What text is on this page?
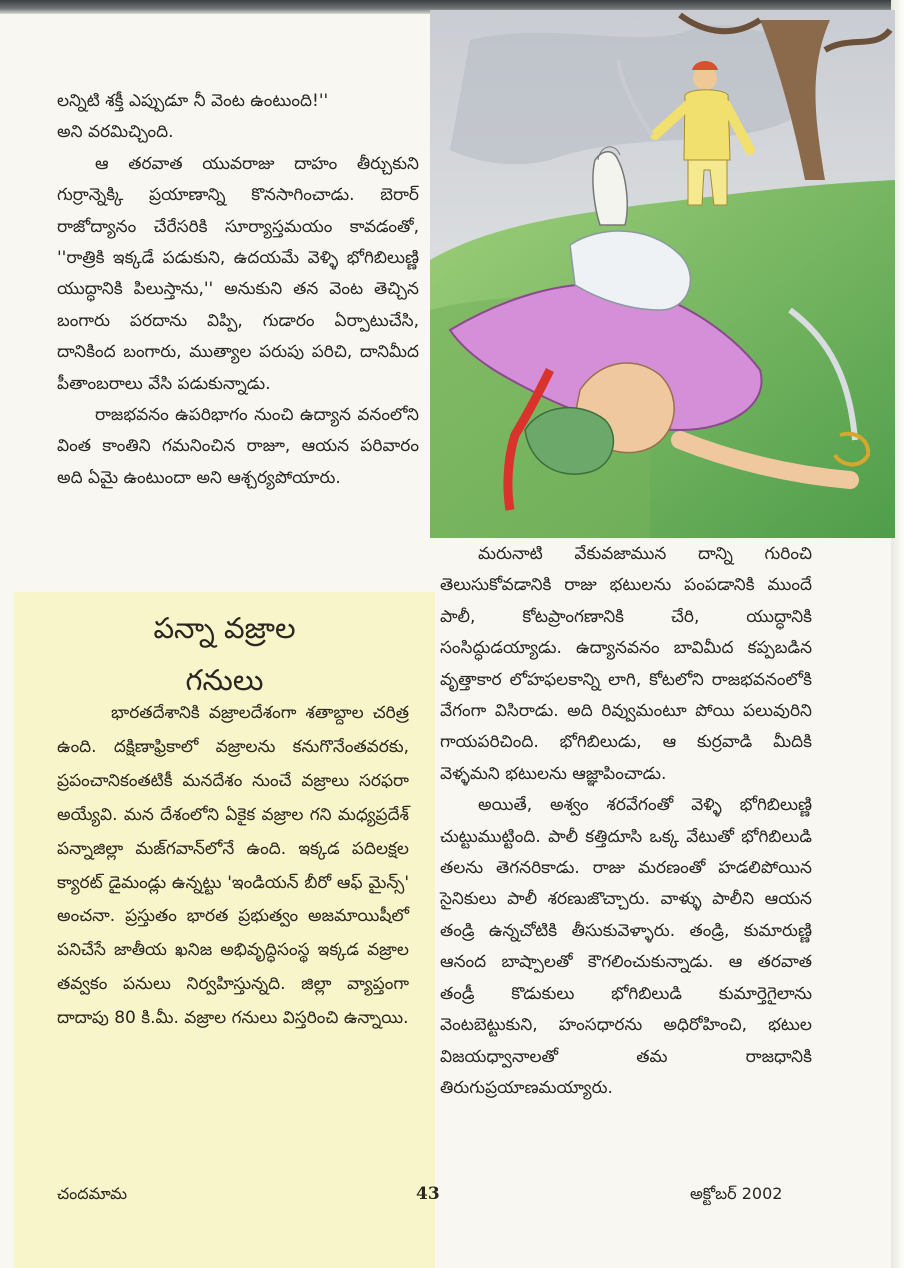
లన్నిటి శక్తీ ఎప్పుడూ నీ వెంట ఉంటుంది!''
అని వరమిచ్చింది.

ఆ తరవాత యువరాజు దాహం తీర్చుకుని గుర్రాన్నెక్కి ప్రయాణాన్ని కొనసాగించాడు. బెరార్ రాజోద్యానం చేరేసరికి సూర్యాస్తమయం కావడంతో, ''రాత్రికి ఇక్కడే పడుకుని, ఉదయమే వెళ్ళి భోగిబిలుణ్ణి యుద్ధానికి పిలుస్తాను,'' అనుకుని తన వెంట తెచ్చిన బంగారు పరదాను విప్పి, గుడారం ఏర్పాటుచేసి, దానికింద బంగారు, ముత్యాల పరుపు పరిచి, దానిమీద పీతాంబరాలు వేసి పడుకున్నాడు.

రాజభవనం ఉపరిభాగం నుంచి ఉద్యాన వనంలోని వింత కాంతిని గమనించిన రాజూ, ఆయన పరివారం అది ఏమై ఉంటుందా అని ఆశ్చర్యపోయారు.

పన్నా వజ్రాల
గనులు

భారతదేశానికి వజ్రాలదేశంగా శతాబ్దాల చరిత్ర ఉంది. దక్షిణాఫ్రికాలో వజ్రాలను కనుగొనేంతవరకు, ప్రపంచానికంతటికీ మనదేశం నుంచే వజ్రాలు సరఫరా అయ్యేవి. మన దేశంలోని ఏకైక వజ్రాల గని మధ్యప్రదేశ్ పన్నాజిల్లా మజ్‌గవాన్‌లోనే ఉంది. ఇక్కడ పదిలక్షల క్యారట్ డైమండ్లు ఉన్నట్టు 'ఇండియన్ బీరో ఆఫ్ మైన్స్' అంచనా. ప్రస్తుతం భారత ప్రభుత్వం అజమాయిషీలో పనిచేసే జాతీయ ఖనిజ అభివృద్ధిసంస్థ ఇక్కడ వజ్రాల తవ్వకం పనులు నిర్వహిస్తున్నది. జిల్లా వ్యాప్తంగా దాదాపు 80 కి.మీ. వజ్రాల గనులు విస్తరించి ఉన్నాయి.

మరునాటి వేకువజామున దాన్ని గురించి తెలుసుకోవడానికి రాజు భటులను పంపడానికి ముందే పాలీ, కోటప్రాంగణానికి చేరి, యుద్ధానికి సంసిద్ధుడయ్యాడు. ఉద్యానవనం బావిమీద కప్పబడిన వృత్తాకార లోహఫలకాన్ని లాగి, కోటలోని రాజభవనంలోకి వేగంగా విసిరాడు. అది రివ్వుమంటూ పోయి పలువురిని గాయపరిచింది. భోగిబిలుడు, ఆ కుర్రవాడి మీదికి వెళ్ళమని భటులను ఆజ్ఞాపించాడు.

అయితే, అశ్వం శరవేగంతో వెళ్ళి భోగిబిలుణ్ణి చుట్టుముట్టింది. పాలీ కత్తిదూసి ఒక్క వేటుతో భోగిబిలుడి తలను తెగనరికాడు. రాజు మరణంతో హడలిపోయిన సైనికులు పాలీ శరణుజొచ్చారు. వాళ్ళు పాలీని ఆయన తండ్రి ఉన్నచోటికి తీసుకువెళ్ళారు. తండ్రి, కుమారుణ్ణి ఆనంద బాష్పాలతో కౌగలించుకున్నాడు. ఆ తరవాత తండ్రీ కొడుకులు భోగిబిలుడి కుమార్తెగైలాను వెంటబెట్టుకుని, హంసధారను అధిరోహించి, భటుల విజయధ్వానాలతో తమ రాజధానికి తిరుగుప్రయాణమయ్యారు.

చందమామ	43	అక్టోబర్ 2002
